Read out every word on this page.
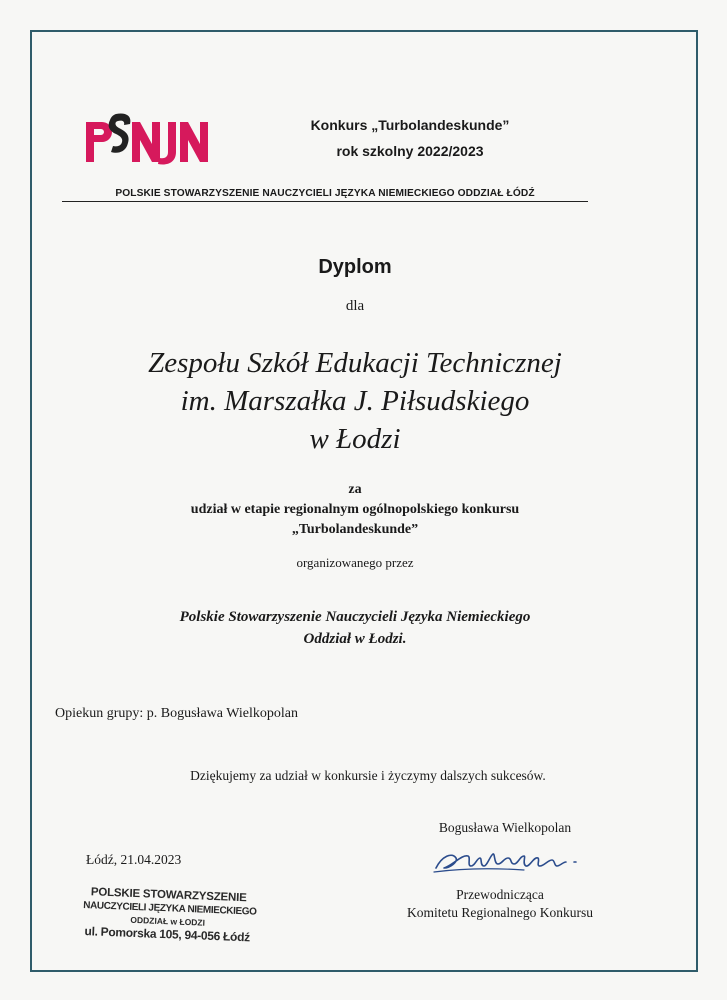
Konkurs „Turbolandeskunde”
rok szkolny 2022/2023
POLSKIE STOWARZYSZENIE NAUCZYCIELI JĘZYKA NIEMIECKIEGO ODDZIAŁ ŁÓDŹ
Dyplom
dla
Zespołu Szkół Edukacji Technicznej
im. Marszałka J. Piłsudskiego
w Łodzi
za
udział w etapie regionalnym ogólnopolskiego konkursu
„Turbolandeskunde”
organizowanego przez
Polskie Stowarzyszenie Nauczycieli Języka Niemieckiego
Oddział w Łodzi.
Opiekun grupy: p. Bogusława Wielkopolan
Dziękujemy za udział w konkursie i życzymy dalszych sukcesów.
Bogusława Wielkopolan
Łódź, 21.04.2023
Przewodnicząca
Komitetu Regionalnego Konkursu
POLSKIE STOWARZYSZENIE
NAUCZYCIELI JĘZYKA NIEMIECKIEGO
ODDZIAŁ w ŁODZI
ul. Pomorska 105, 94-056 Łódź
